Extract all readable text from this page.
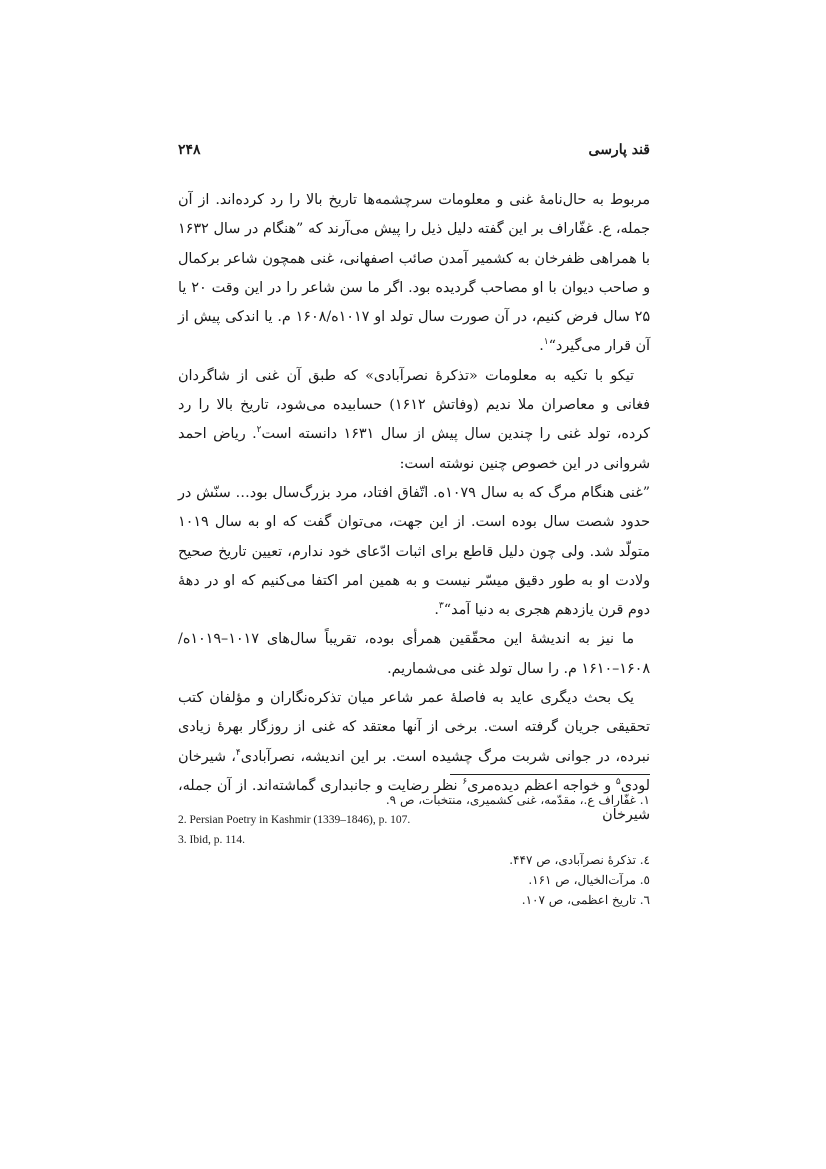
قند پارسی
۲۴۸

مربوط به حال‌نامۀ غنی و معلومات سرچشمه‌ها تاریخ بالا را رد کرده‌اند. از آن جمله، ع. غفّاراف بر این گفته دلیل ذیل را پیش می‌آرند که ”هنگام در سال ۱۶۳۲ با همراهی ظفرخان به کشمیر آمدن صائب اصفهانی، غنی همچون شاعر برکمال و صاحب دیوان با او مصاحب گردیده بود. اگر ما سن شاعر را در این وقت ۲۰ یا ۲۵ سال فرض کنیم، در آن صورت سال تولد او ۱۰۱۷ه/۱۶۰۸ م. یا اندکی پیش از آن قرار می‌گیرد“$^۱$.

تیکو با تکیه به معلومات «تذکرۀ نصرآبادی» که طبق آن غنی از شاگردان فغانی و معاصران ملا ندیم (وفاتش ۱۶۱۲) حسابیده می‌شود، تاریخ بالا را رد کرده، تولد غنی را چندین سال پیش از سال ۱۶۳۱ دانسته است$^۲$. ریاض احمد شروانی در این خصوص چنین نوشته است:

”غنی هنگام مرگ که به سال ۱۰۷۹ه. اتّفاق افتاد، مرد بزرگ‌سال بود… سنّش در حدود شصت سال بوده است. از این جهت، می‌توان گفت که او به سال ۱۰۱۹ متولّد شد. ولی چون دلیل قاطع برای اثبات ادّعای خود ندارم، تعیین تاریخ صحیح ولادت او به طور دقیق میسّر نیست و به همین امر اکتفا می‌کنیم که او در دهۀ دوم قرن یازدهم هجری به دنیا آمد“$^۳$.

ما نیز به اندیشۀ این محقّقین همرأی بوده، تقریباً سال‌های ۱۰۱۷–۱۰۱۹ه/۱۶۰۸–۱۶۱۰ م. را سال تولد غنی می‌شماریم.

یک بحث دیگری عاید به فاصلۀ عمر شاعر میان تذکره‌نگاران و مؤلفان کتب تحقیقی جریان گرفته است. برخی از آنها معتقد که غنی از روزگار بهرۀ زیادی نبرده، در جوانی شربت مرگ چشیده است. بر این اندیشه، نصرآبادی$^۴$، شیرخان لودی$^۵$ و خواجه اعظم دیده‌مری$^۶$ نظر رضایت و جانبداری گماشته‌اند. از آن جمله، شیرخان

۱. غفّاراف ع.، مقدّمه، غنی کشمیری، منتخبات، ص ۹.
2. Persian Poetry in Kashmir (1339–1846), p. 107.
3. Ibid, p. 114.
٤. تذکرۀ نصرآبادی، ص ۴۴۷.
٥. مرآت‌الخیال، ص ۱۶۱.
٦. تاریخ اعظمی، ص ۱۰۷.
